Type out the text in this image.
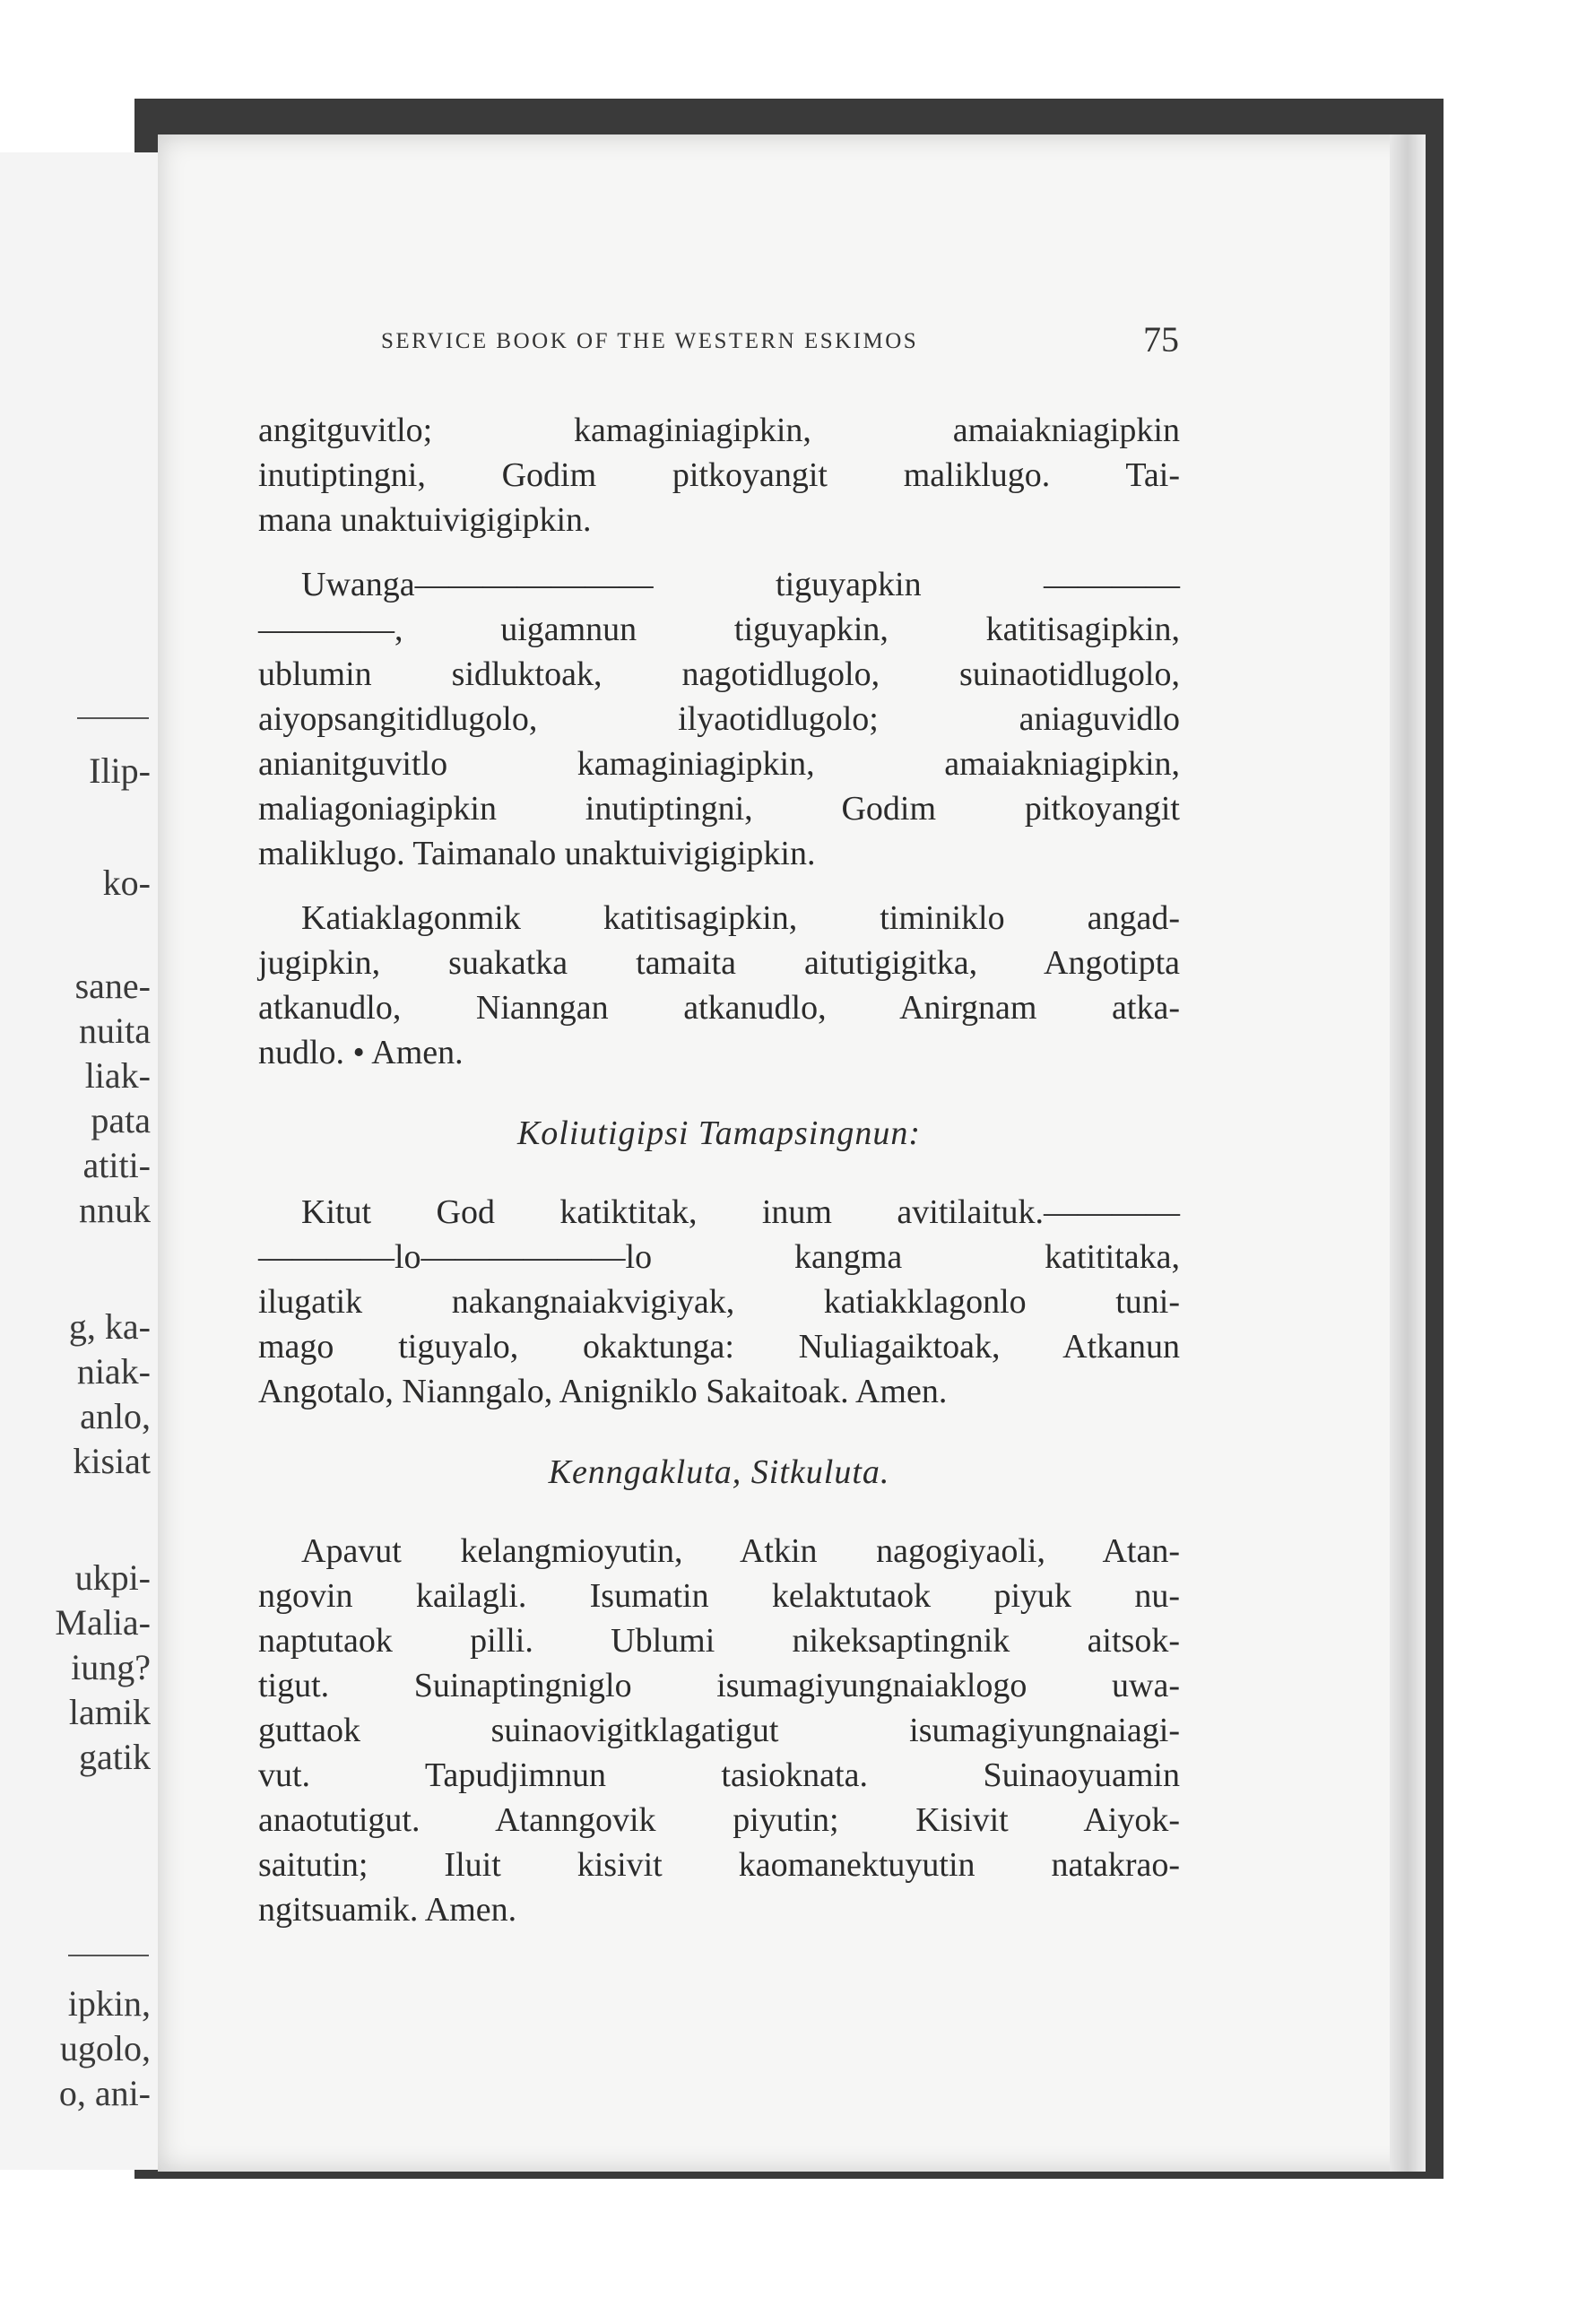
Ilip-
ko-
sane-
nuita
liak-
pata
atiti-
nnuk
g, ka-
niak-
anlo,
kisiat
ukpi-
Malia-
iung?
lamik
gatik
ipkin,
ugolo,
o, ani-
SERVICE BOOK OF THE WESTERN ESKIMOS	75
angitguvitlo; kamaginiagipkin, amaiakniagipkin
inutiptingni, Godim pitkoyangit maliklugo. Tai-
mana unaktuivigigipkin.
Uwanga——————— tiguyapkin ————
————, uigamnun tiguyapkin, katitisagipkin,
ublumin sidluktoak, nagotidlugolo, suinaotidlugolo,
aiyopsangitidlugolo, ilyaotidlugolo; aniaguvidlo
anianitguvitlo kamaginiagipkin, amaiakniagipkin,
maliagoniagipkin inutiptingni, Godim pitkoyangit
maliklugo. Taimanalo unaktuivigigipkin.
Katiaklagonmik katitisagipkin, timiniklo angad-
jugipkin, suakatka tamaita aitutigigitka, Angotipta
atkanudlo, Nianngan atkanudlo, Anirgnam atka-
nudlo. • Amen.
Koliutigipsi Tamapsingnun:
Kitut God katiktitak, inum avitilaituk.————
————lo——————lo kangma katititaka,
ilugatik nakangnaiakvigiyak, katiakklagonlo tuni-
mago tiguyalo, okaktunga: Nuliagaiktoak, Atkanun
Angotalo, Nianngalo, Anigniklo Sakaitoak. Amen.
Kenngakluta, Sitkuluta.
Apavut kelangmioyutin, Atkin nagogiyaoli, Atan-
ngovin kailagli. Isumatin kelaktutaok piyuk nu-
naptutaok pilli. Ublumi nikeksaptingnik aitsok-
tigut. Suinaptingniglo isumagiyungnaiaklogo uwa-
guttaok suinaovigitklagatigut isumagiyungnaiagi-
vut. Tapudjimnun tasioknata. Suinaoyuamin
anaotutigut. Atanngovik piyutin; Kisivit Aiyok-
saitutin; Iluit kisivit kaomanektuyutin natakrao-
ngitsuamik. Amen.
